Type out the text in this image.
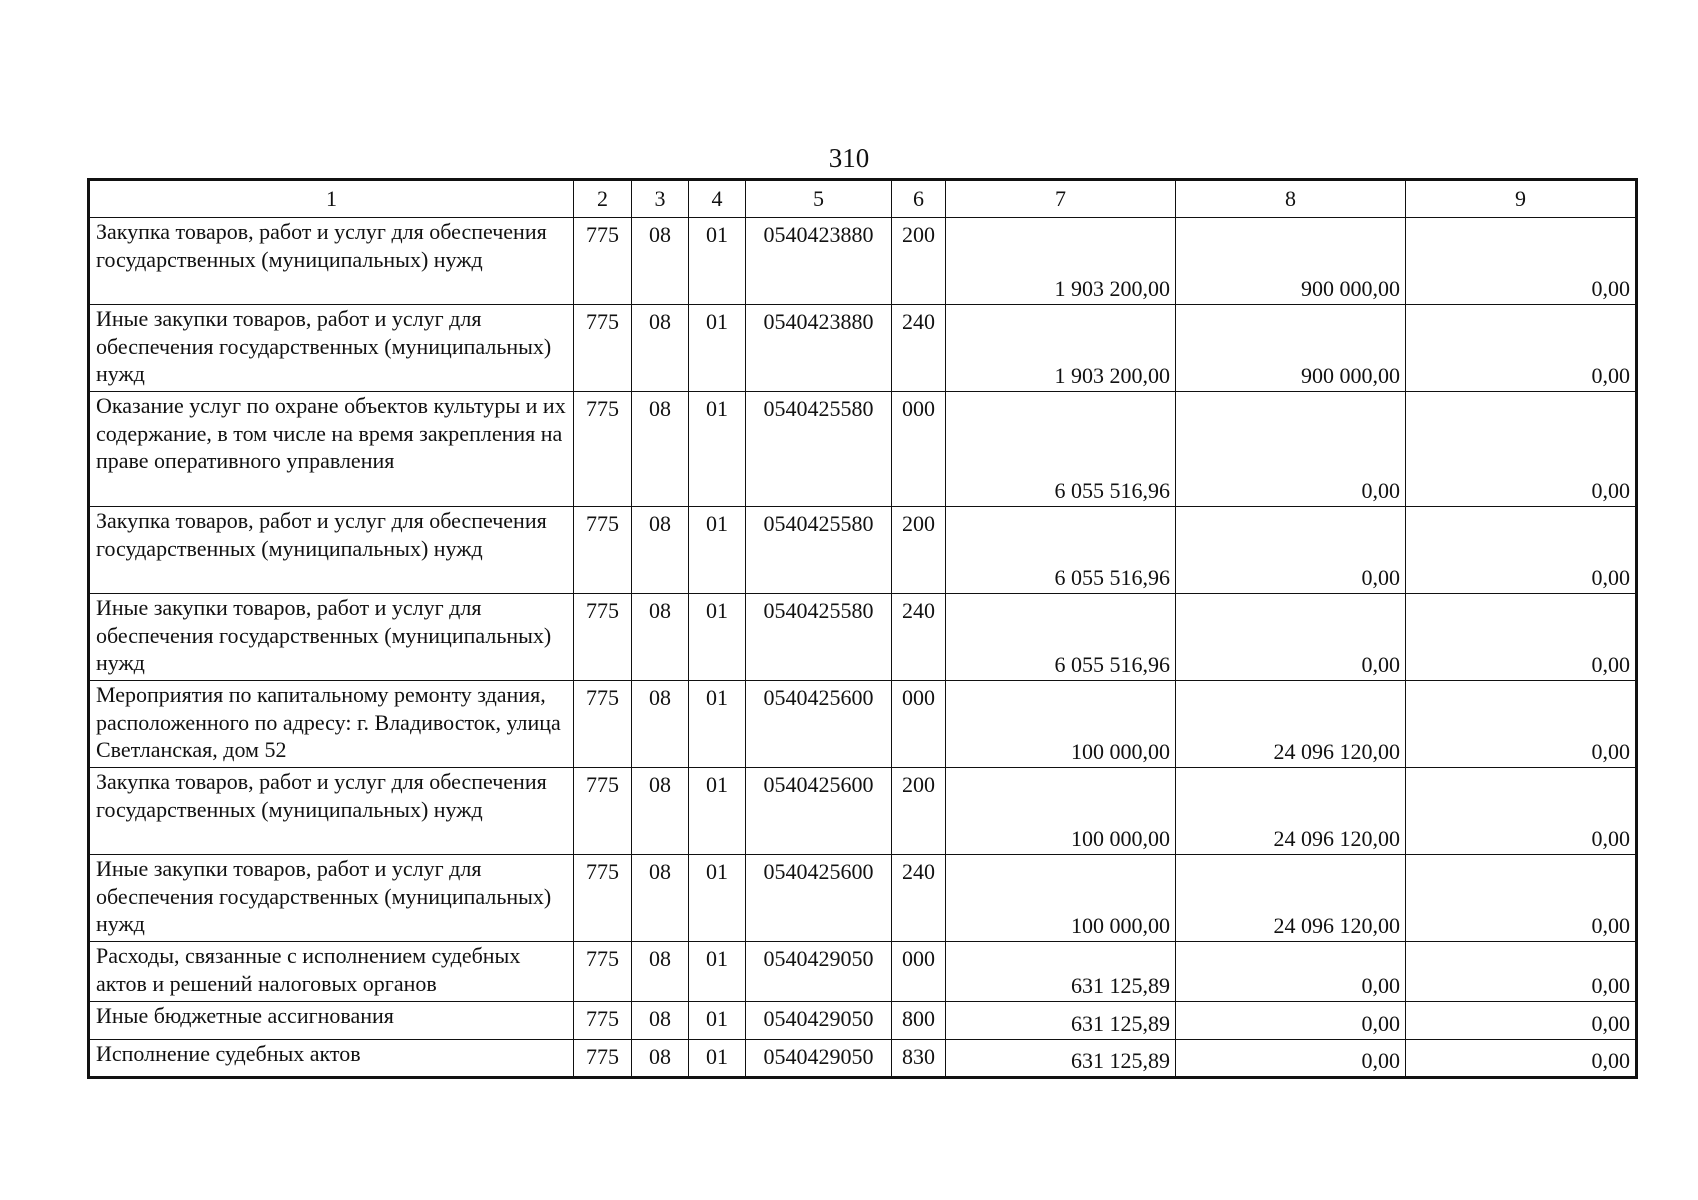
310
1	2	3	4	5	6	7	8	9
Закупка товаров, работ и услуг для обеспечения государственных (муниципальных) нужд	775	08	01	0540423880	200	1 903 200,00	900 000,00	0,00
Иные закупки товаров, работ и услуг для обеспечения государственных (муниципальных) нужд	775	08	01	0540423880	240	1 903 200,00	900 000,00	0,00
Оказание услуг по охране объектов культуры и их содержание, в том числе на время закрепления на праве оперативного управления	775	08	01	0540425580	000	6 055 516,96	0,00	0,00
Закупка товаров, работ и услуг для обеспечения государственных (муниципальных) нужд	775	08	01	0540425580	200	6 055 516,96	0,00	0,00
Иные закупки товаров, работ и услуг для обеспечения государственных (муниципальных) нужд	775	08	01	0540425580	240	6 055 516,96	0,00	0,00
Мероприятия по капитальному ремонту здания, расположенного по адресу: г. Владивосток, улица Светланская, дом 52	775	08	01	0540425600	000	100 000,00	24 096 120,00	0,00
Закупка товаров, работ и услуг для обеспечения государственных (муниципальных) нужд	775	08	01	0540425600	200	100 000,00	24 096 120,00	0,00
Иные закупки товаров, работ и услуг для обеспечения государственных (муниципальных) нужд	775	08	01	0540425600	240	100 000,00	24 096 120,00	0,00
Расходы, связанные с исполнением судебных актов и решений налоговых органов	775	08	01	0540429050	000	631 125,89	0,00	0,00
Иные бюджетные ассигнования	775	08	01	0540429050	800	631 125,89	0,00	0,00
Исполнение судебных актов	775	08	01	0540429050	830	631 125,89	0,00	0,00
